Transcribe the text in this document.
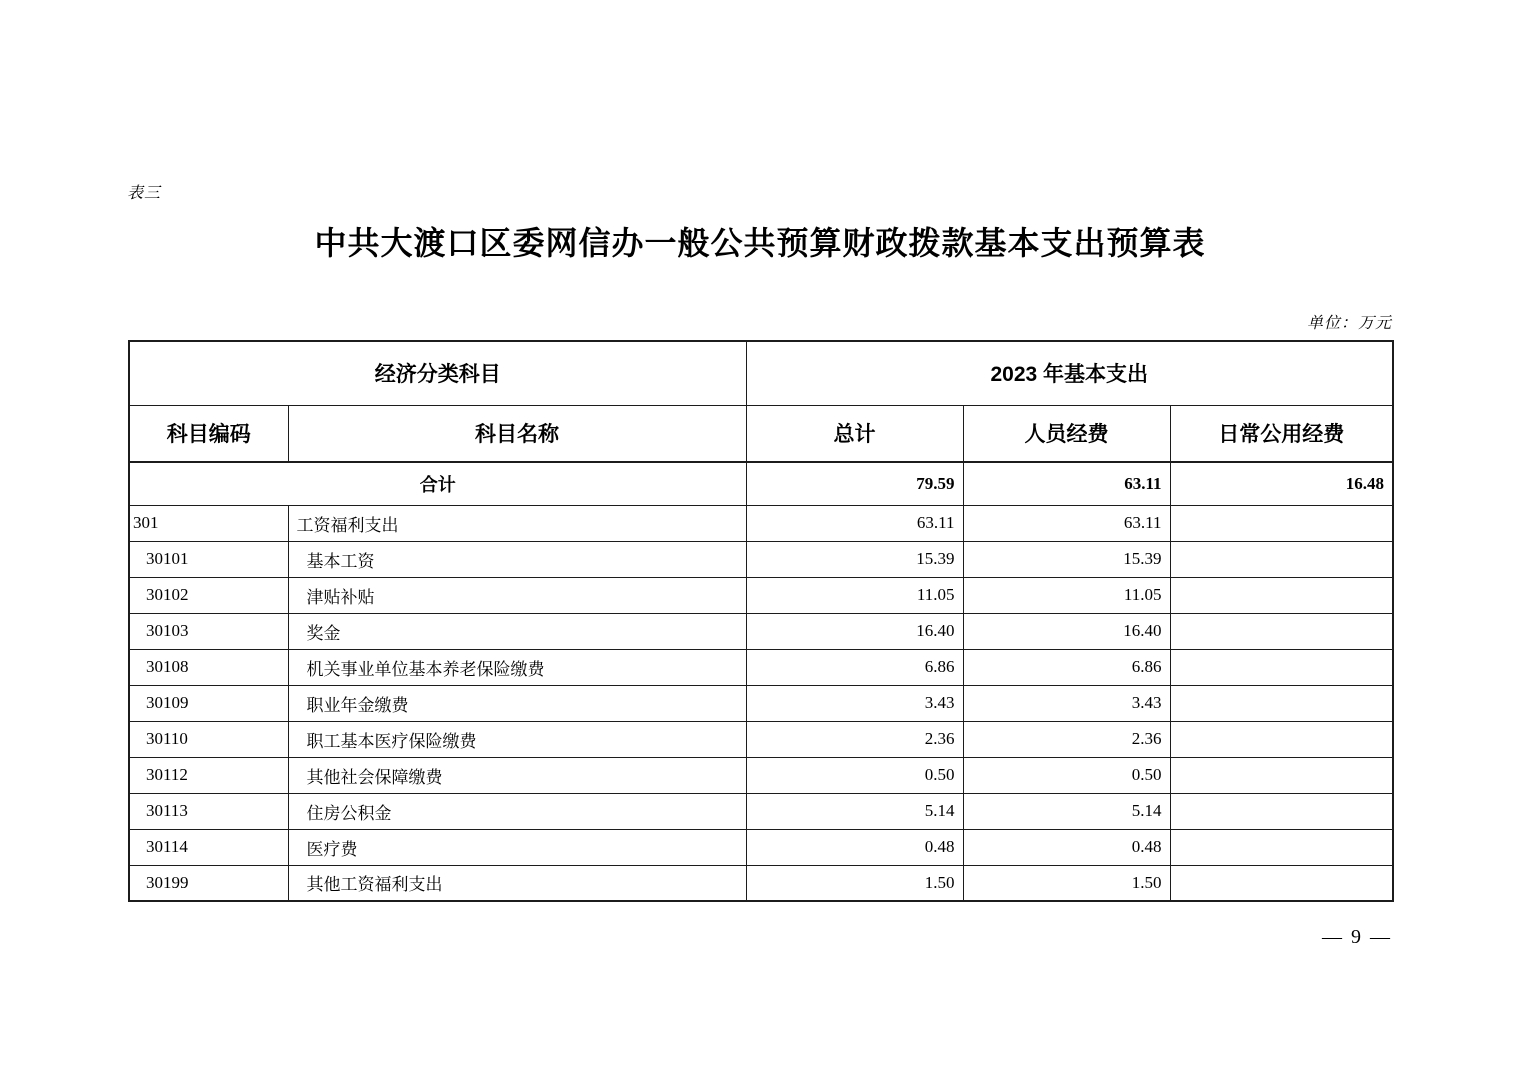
表三
中共大渡口区委网信办一般公共预算财政拨款基本支出预算表
单位：万元
经济分类科目		2023 年基本支出		
科目编码	科目名称	总计	人员经费	日常公用经费
合计		79.59	63.11	16.48
301	工资福利支出	63.11	63.11	
30101	基本工资	15.39	15.39	
30102	津贴补贴	11.05	11.05	
30103	奖金	16.40	16.40	
30108	机关事业单位基本养老保险缴费	6.86	6.86	
30109	职业年金缴费	3.43	3.43	
30110	职工基本医疗保险缴费	2.36	2.36	
30112	其他社会保障缴费	0.50	0.50	
30113	住房公积金	5.14	5.14	
30114	医疗费	0.48	0.48	
30199	其他工资福利支出	1.50	1.50	
— 9 —
